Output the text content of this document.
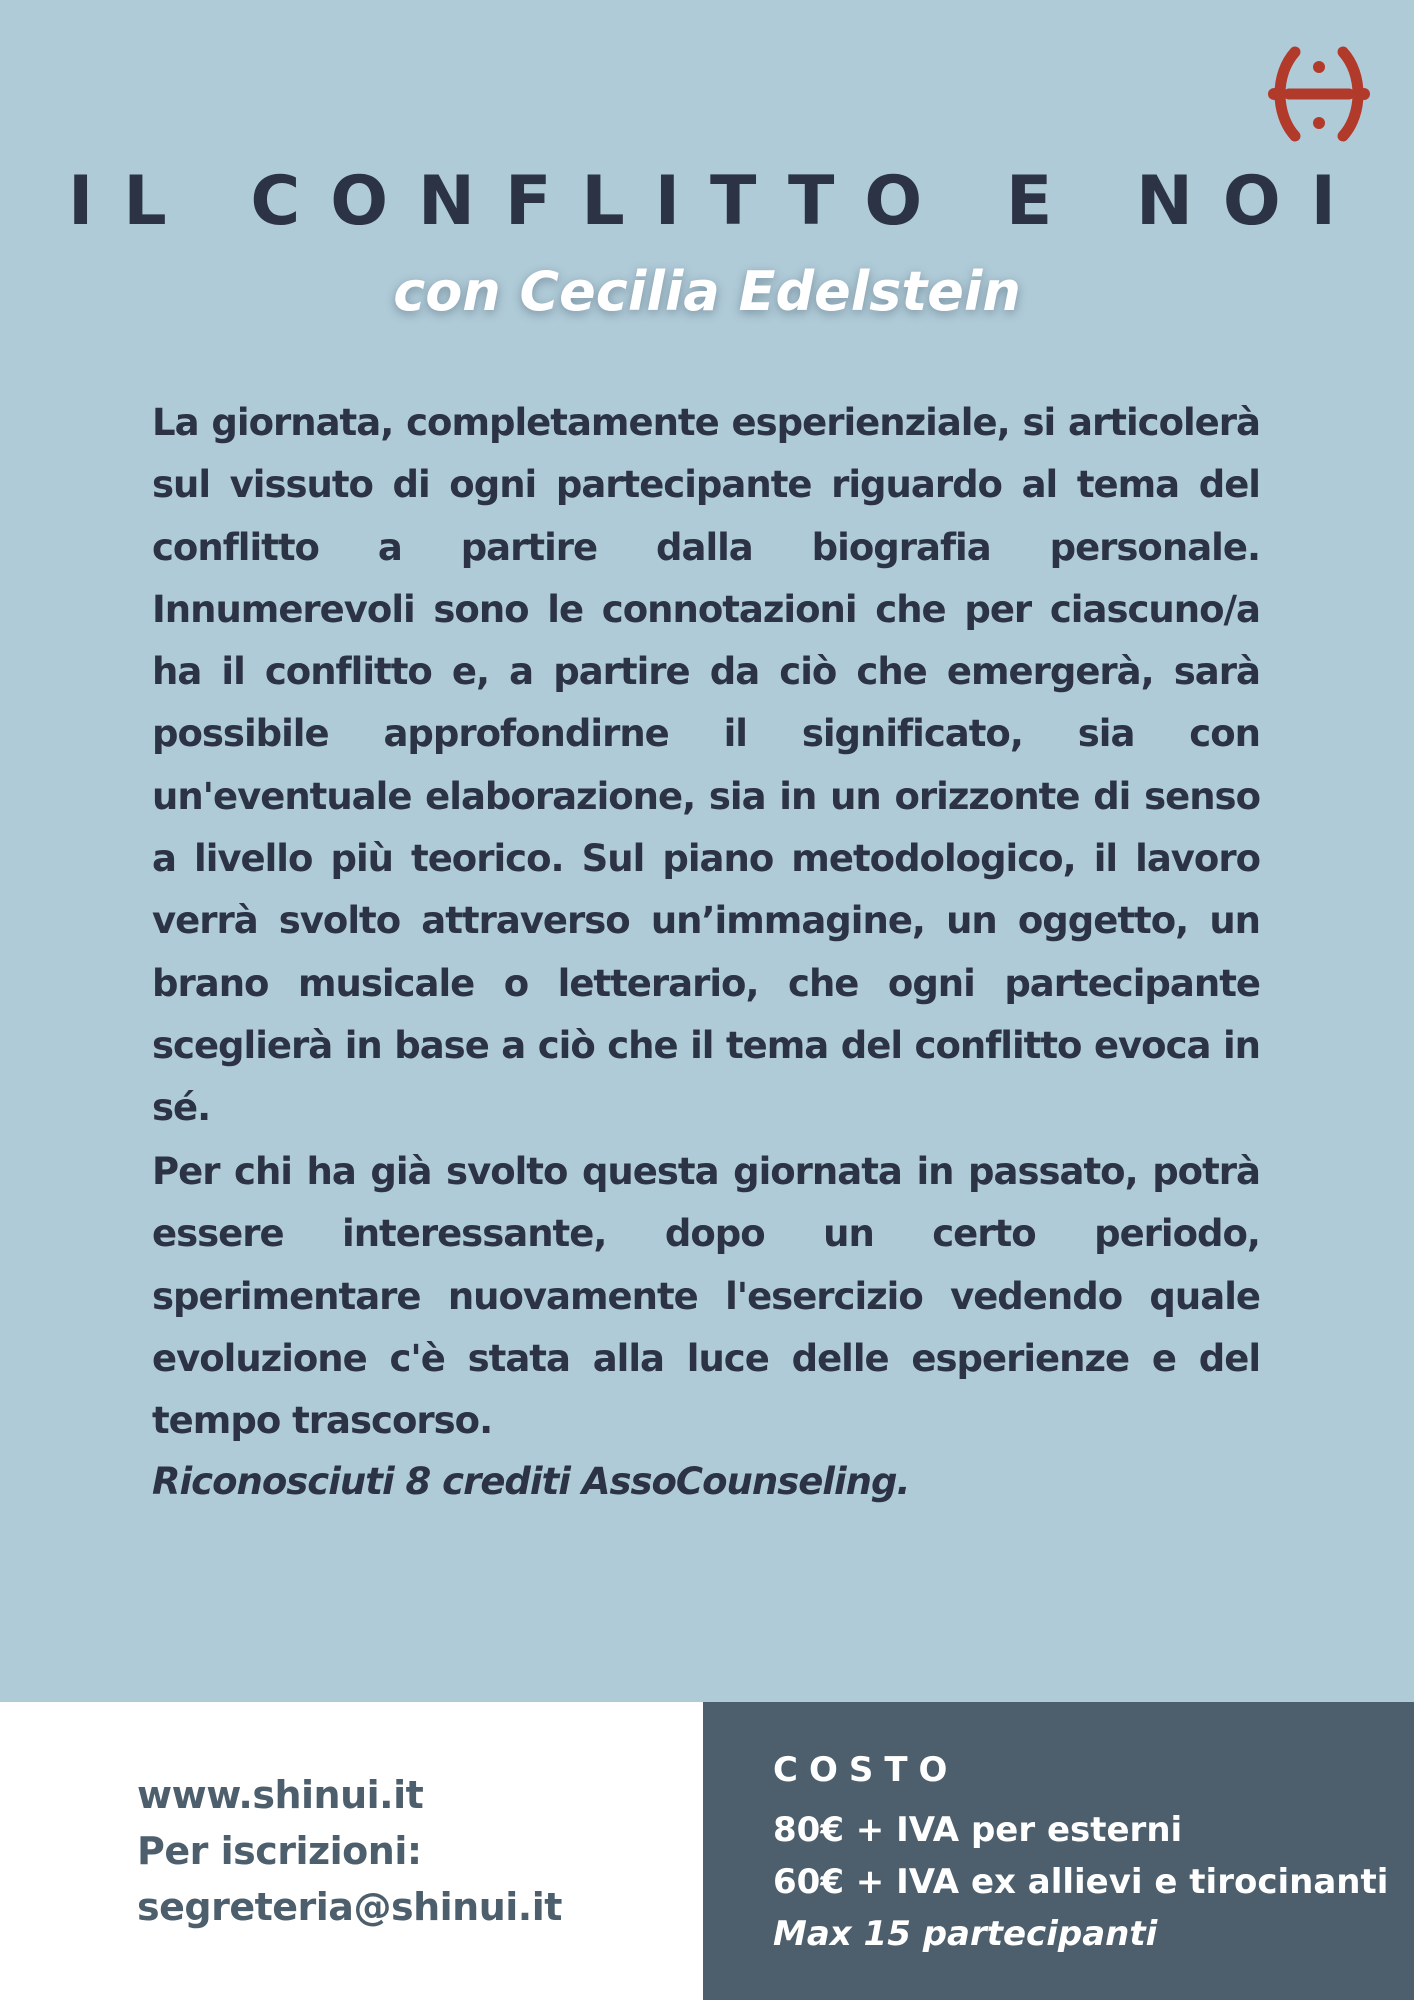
IL CONFLITTO E NOI
con Cecilia Edelstein

La giornata, completamente esperienziale, si articolerà sul vissuto di ogni partecipante riguardo al tema del conflitto a partire dalla biografia personale. Innumerevoli sono le connotazioni che per ciascuno/a ha il conflitto e, a partire da ciò che emergerà, sarà possibile approfondirne il significato, sia con un'eventuale elaborazione, sia in un orizzonte di senso a livello più teorico. Sul piano metodologico, il lavoro verrà svolto attraverso un’immagine, un oggetto, un brano musicale o letterario, che ogni partecipante sceglierà in base a ciò che il tema del conflitto evoca in sé.

Per chi ha già svolto questa giornata in passato, potrà essere interessante, dopo un certo periodo, sperimentare nuovamente l'esercizio vedendo quale evoluzione c'è stata alla luce delle esperienze e del tempo trascorso.

Riconosciuti 8 crediti AssoCounseling.
www.shinui.it
Per iscrizioni:
segreteria@shinui.it
COSTO
80€ + IVA per esterni
60€ + IVA ex allievi e tirocinanti
Max 15 partecipanti
